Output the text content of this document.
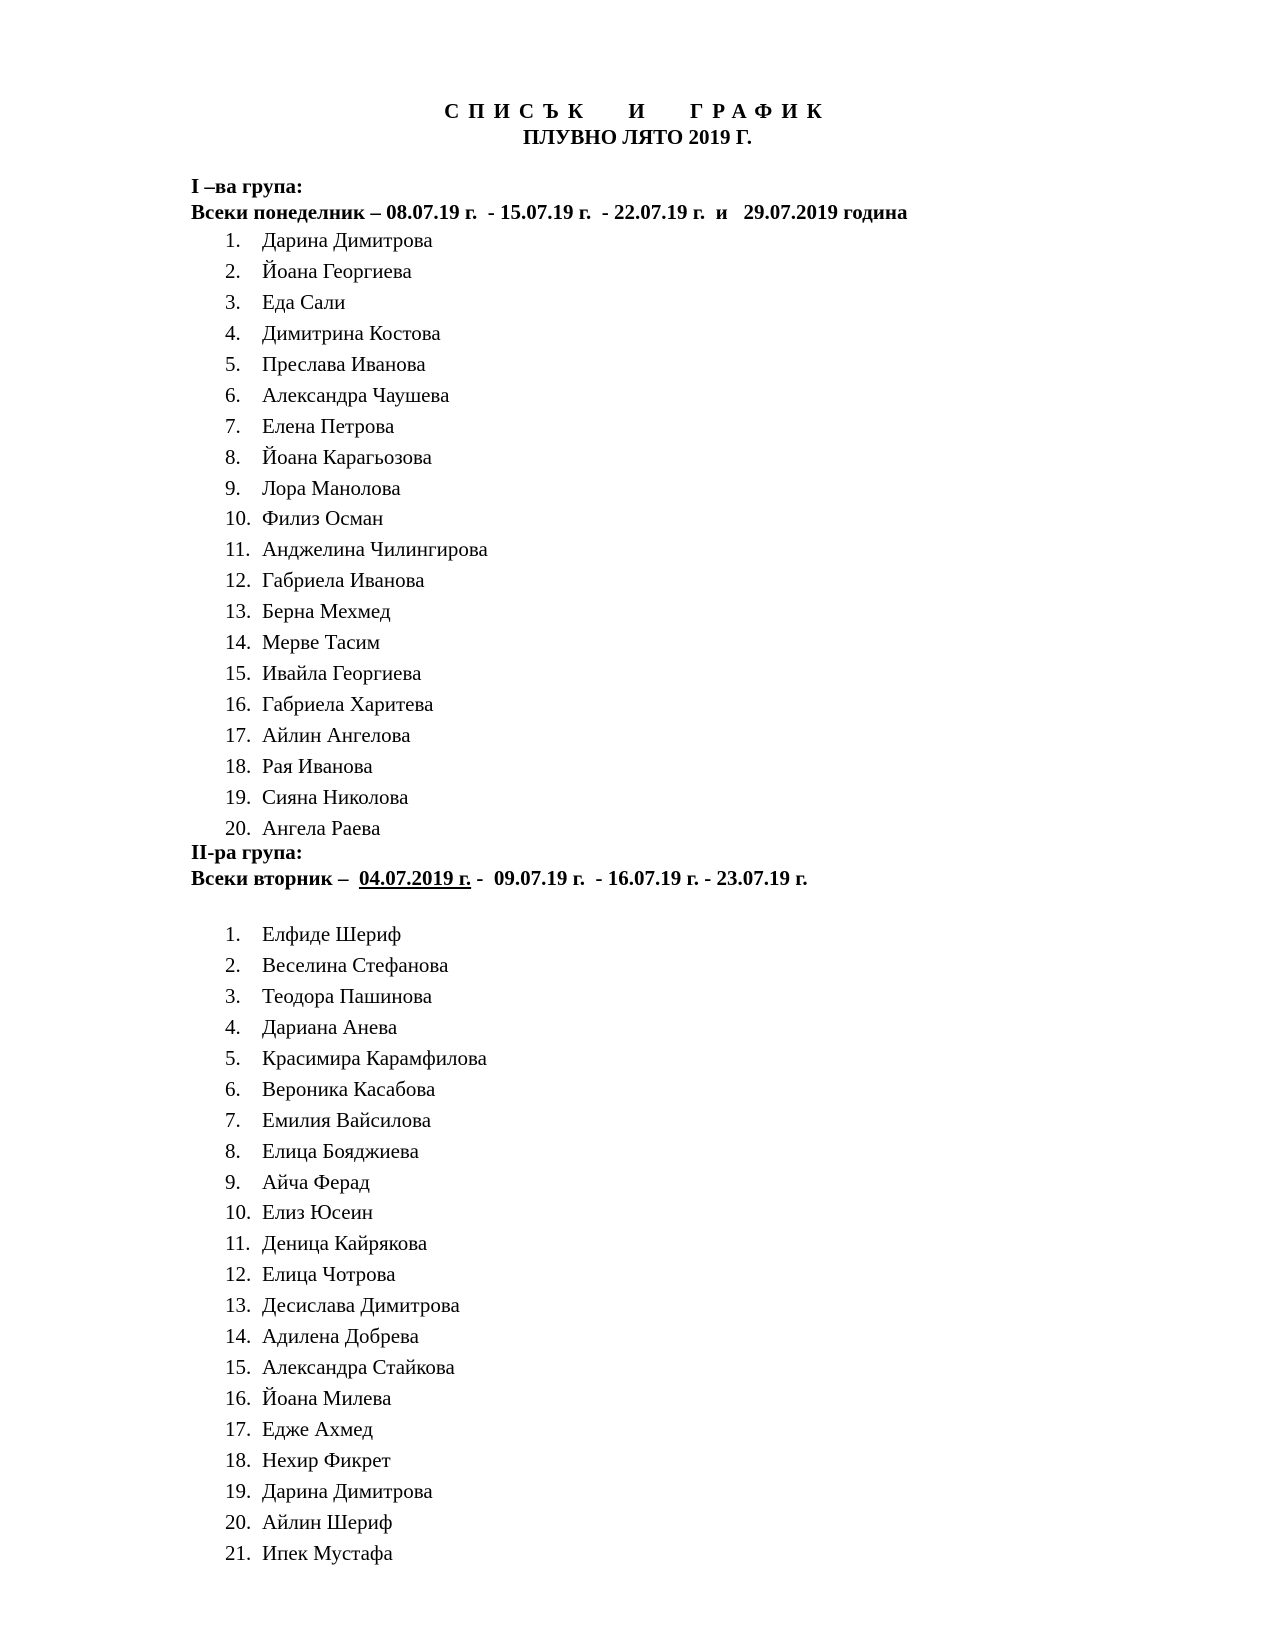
СПИСЪК И ГРАФИК
ПЛУВНО ЛЯТО 2019 Г.
I –ва група:
Всеки понеделник – 08.07.19 г.  - 15.07.19 г.  - 22.07.19 г.  и   29.07.2019 година
1. Дарина Димитрова
2. Йоана Георгиева
3. Еда Сали
4. Димитрина Костова
5. Преслава Иванова
6. Александра Чаушева
7. Елена Петрова
8. Йоана Карагьозова
9. Лора Манолова
10. Филиз Осман
11. Анджелина Чилингирова
12. Габриела Иванова
13. Берна Мехмед
14. Мерве Тасим
15. Ивайла Георгиева
16. Габриела Харитева
17. Айлин Ангелова
18. Рая Иванова
19. Сияна Николова
20. Ангела Раева
II-ра група:
Всеки вторник –  04.07.2019 г. -  09.07.19 г.  - 16.07.19 г. - 23.07.19 г.
1. Елфиде Шериф
2. Веселина Стефанова
3. Теодора Пашинова
4. Дариана Анева
5. Красимира Карамфилова
6. Вероника Касабова
7. Емилия Вайсилова
8. Елица Бояджиева
9. Айча Ферад
10. Елиз Юсеин
11. Деница Кайрякова
12. Елица Чотрова
13. Десислава Димитрова
14. Адилена Добрева
15. Александра Стайкова
16. Йоана Милева
17. Едже Ахмед
18. Нехир Фикрет
19. Дарина Димитрова
20. Айлин Шериф
21. Ипек Мустафа
